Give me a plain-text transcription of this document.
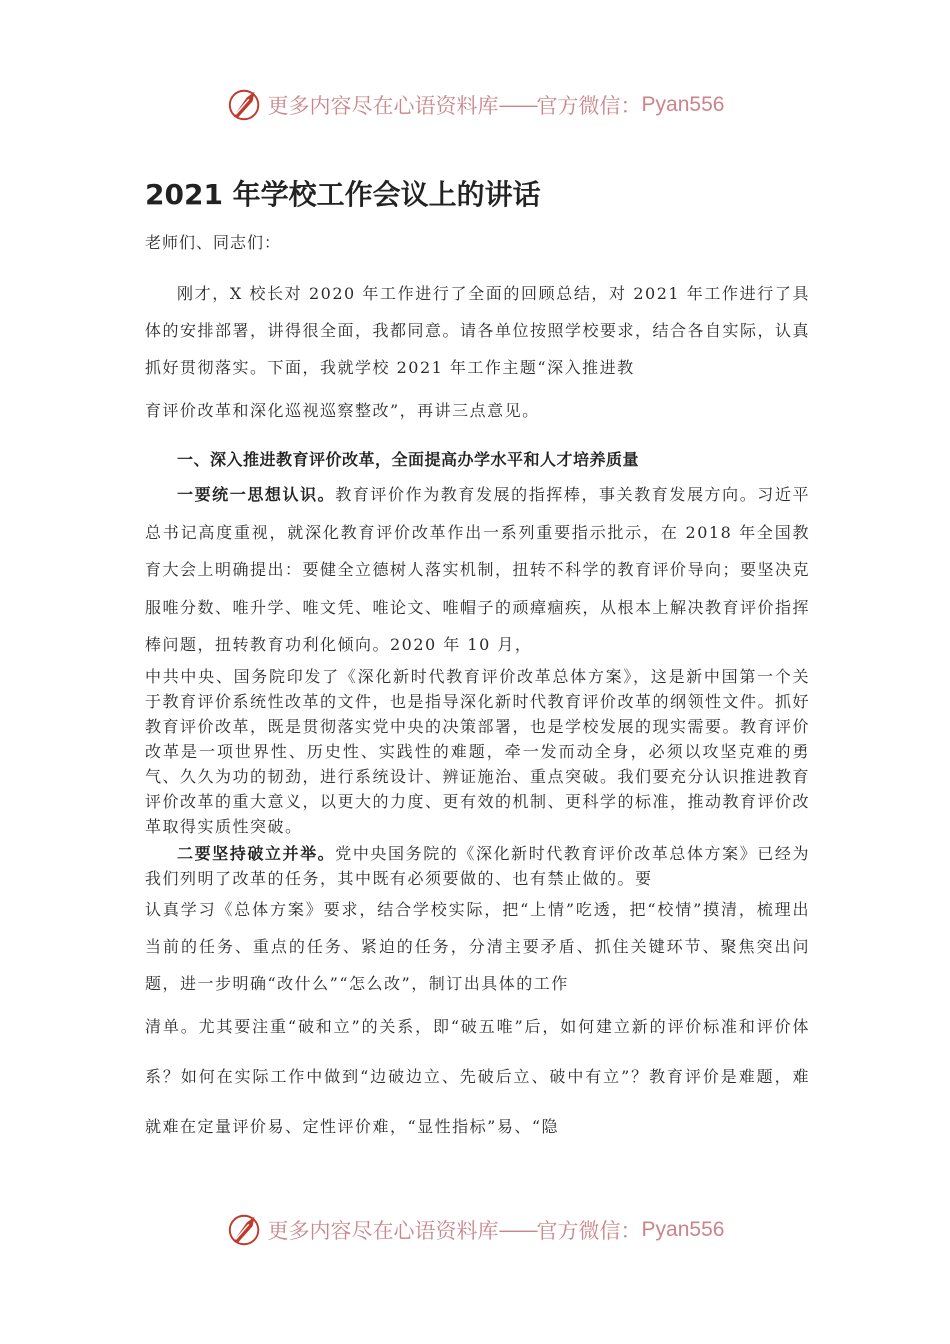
更多内容尽在心语资料库 —— 官方微信： Pyan556
2021 年学校工作会议上的讲话
老师们、同志们：

刚才，X 校长对 2020 年工作进行了全面的回顾总结，对 2021 年工作进行了具体的安排部署，讲得很全面，我都同意。请各单位按照学校要求，结合各自实际，认真抓好贯彻落实。下面，我就学校 2021 年工作主题“深入推进教

育评价改革和深化巡视巡察整改”，再讲三点意见。

一、深入推进教育评价改革，全面提高办学水平和人才培养质量

一要统一思想认识。教育评价作为教育发展的指挥棒，事关教育发展方向。习近平总书记高度重视，就深化教育评价改革作出一系列重要指示批示，在 2018 年全国教育大会上明确提出：要健全立德树人落实机制，扭转不科学的教育评价导向；要坚决克服唯分数、唯升学、唯文凭、唯论文、唯帽子的顽瘴痼疾，从根本上解决教育评价指挥棒问题，扭转教育功利化倾向。2020 年 10 月，

中共中央、国务院印发了《深化新时代教育评价改革总体方案》，这是新中国第一个关于教育评价系统性改革的文件，也是指导深化新时代教育评价改革的纲领性文件。抓好教育评价改革，既是贯彻落实党中央的决策部署，也是学校发展的现实需要。教育评价改革是一项世界性、历史性、实践性的难题，牵一发而动全身，必须以攻坚克难的勇气、久久为功的韧劲，进行系统设计、辨证施治、重点突破。我们要充分认识推进教育评价改革的重大意义，以更大的力度、更有效的机制、更科学的标准，推动教育评价改革取得实质性突破。

二要坚持破立并举。党中央国务院的《深化新时代教育评价改革总体方案》已经为我们列明了改革的任务，其中既有必须要做的、也有禁止做的。要

认真学习《总体方案》要求，结合学校实际，把“上情”吃透，把“校情”摸清，梳理出当前的任务、重点的任务、紧迫的任务，分清主要矛盾、抓住关键环节、聚焦突出问题，进一步明确“改什么”“怎么改”，制订出具体的工作

清单。尤其要注重“破和立”的关系，即“破五唯”后，如何建立新的评价标准和评价体系？如何在实际工作中做到“边破边立、先破后立、破中有立”？教育评价是难题，难就难在定量评价易、定性评价难，“显性指标”易、“隐

更多内容尽在心语资料库 —— 官方微信： Pyan556
